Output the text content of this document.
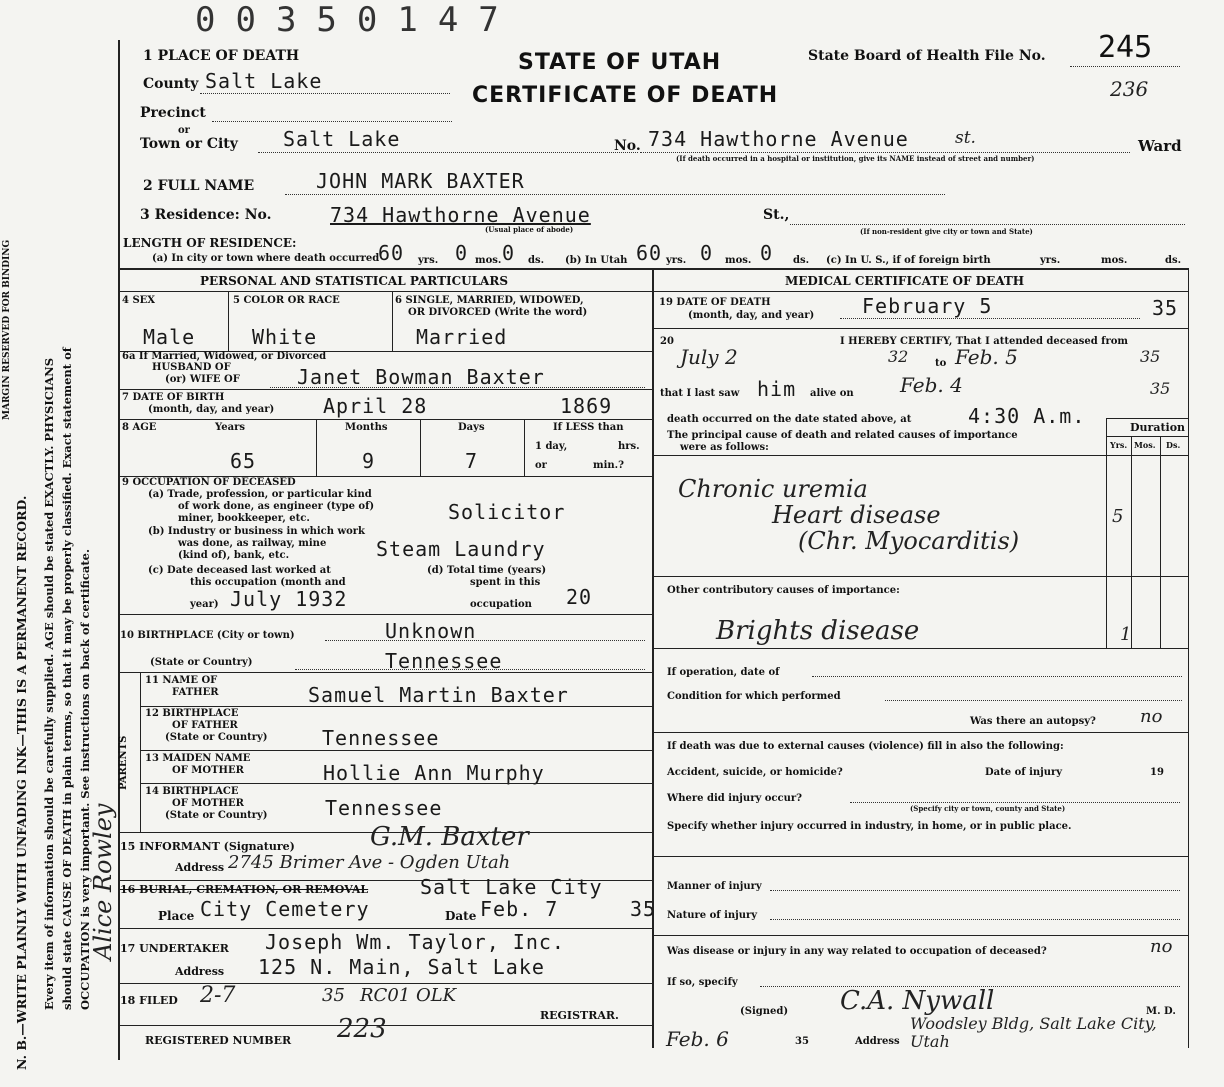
N. B.—WRITE PLAINLY WITH UNFADING INK—THIS IS A PERMANENT RECORD.
MARGIN RESERVED FOR BINDING
Every item of information should be carefully supplied. AGE should be stated EXACTLY. PHYSICIANS should state CAUSE OF DEATH in plain terms, so that it may be properly classified. Exact statement of OCCUPATION is very important. See instructions on back of certificate.
Alice Rowley
00350147
1 PLACE OF DEATH	STATE OF UTAH
CERTIFICATE OF DEATH
State Board of Health File No. 245
236
County Salt Lake
Precinct
or
Town or City Salt Lake	No. 734 Hawthorne Avenue	st.
(If death occurred in a hospital or institution, give its NAME instead of street and number)
Ward
2 FULL NAME	JOHN MARK BAXTER
3 Residence: No.	734 Hawthorne Avenue	St.,
(Usual place of abode)	(If non-resident give city or town and State)
LENGTH OF RESIDENCE:
(a) In city or town where death occurred
60 yrs. 0 mos. 0 ds. (b) In Utah 60 yrs. 0 mos. 0 ds. (c) In U. S., if of foreign birth	yrs.	mos.	ds.
PERSONAL AND STATISTICAL PARTICULARS	MEDICAL CERTIFICATE OF DEATH
4 SEX	5 COLOR OR RACE	6 SINGLE, MARRIED, WIDOWED,
OR DIVORCED (Write the word)
Male	White	Married
6a If Married, Widowed, or Divorced
HUSBAND OF
(or) WIFE OF	Janet Bowman Baxter
7 DATE OF BIRTH
(month, day, and year) April 28	1869
8 AGE	Years	Months	Days	If LESS than
1 day,	hrs.
or	min.?
65	9	7
9 OCCUPATION OF DECEASED
(a) Trade, profession, or particular kind
of work done, as engineer (type of)
miner, bookkeeper, etc.	Solicitor
(b) Industry or business in which work
was done, as railway, mine
(kind of), bank, etc.	Steam Laundry
(c) Date deceased last worked at
this occupation (month and
year) July 1932
(d) Total time (years)
spent in this
occupation 20
10 BIRTHPLACE (City or town)	Unknown
(State or Country)	Tennessee
PARENTS
11 NAME OF
FATHER	Samuel Martin Baxter
12 BIRTHPLACE
OF FATHER
(State or Country)	Tennessee
13 MAIDEN NAME
OF MOTHER	Hollie Ann Murphy
14 BIRTHPLACE
OF MOTHER
(State or Country)	Tennessee
15 INFORMANT (Signature)	G.M. Baxter
Address 2745 Brimer Ave - Ogden Utah
16 BURIAL, CREMATION, OR REMOVAL	Salt Lake City
Place City Cemetery	Date Feb. 7	35
17 UNDERTAKER Joseph Wm. Taylor, Inc.
Address 125 N. Main, Salt Lake
18 FILED 2-7	35 RC01 OLK
REGISTRAR.
REGISTERED NUMBER 223
19 DATE OF DEATH
(month, day, and year) February 5	35
20	I HEREBY CERTIFY, That I attended deceased from
July 2	32	to Feb. 5	35
that I last saw him alive on Feb. 4	35
death occurred on the date stated above, at	4:30 A.m.
The principal cause of death and related causes of importance
were as follows:
Duration
Yrs. Mos. Ds.
Chronic uremia
Heart disease	5
(Chr. Myocarditis)
Other contributory causes of importance:
Brights disease	1
If operation, date of
Condition for which performed
Was there an autopsy? no
If death was due to external causes (violence) fill in also the following:
Accident, suicide, or homicide?	Date of injury	19
Where did injury occur?
(Specify city or town, county and State)
Specify whether injury occurred in industry, in home, or in public place.
Manner of injury
Nature of injury
Was disease or injury in any way related to occupation of deceased?	no
If so, specify
(Signed) C.A. Nywall	M. D.
Feb. 6	35	Address
Woodsley Bldg, Salt Lake City, Utah
